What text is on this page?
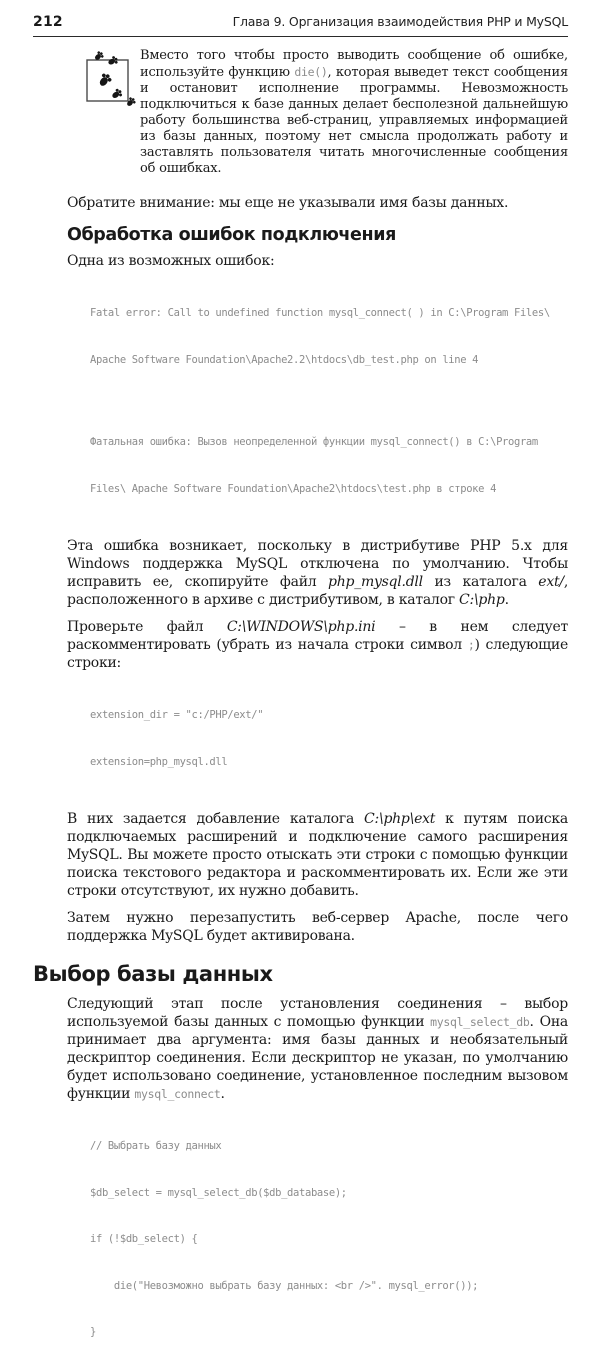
212	Глава 9. Организация взаимодействия PHP и MySQL
Вместо того чтобы просто выводить сообщение об ошибке, используйте функцию die(), которая выведет текст сообщения и остановит исполнение программы. Невозможность подключиться к базе данных делает бесполезной дальнейшую работу большинства веб-страниц, управляемых информацией из базы данных, поэтому нет смысла продолжать работу и заставлять пользователя читать многочисленные сообщения об ошибках.

Обратите внимание: мы еще не указывали имя базы данных.

Обработка ошибок подключения

Одна из возможных ошибок:

Fatal error: Call to undefined function mysql_connect( ) in C:\Program Files\

Apache Software Foundation\Apache2.2\htdocs\db_test.php on line 4

Фатальная ошибка: Вызов неопределенной функции mysql_connect() в C:\Program

Files\ Apache Software Foundation\Apache2\htdocs\test.php в строке 4

Эта ошибка возникает, поскольку в дистрибутиве PHP 5.x для Windows поддержка MySQL отключена по умолчанию. Чтобы исправить ее, скопируйте файл php_mysql.dll из каталога ext/, расположенного в архиве с дистрибутивом, в каталог C:\php.

Проверьте файл C:\WINDOWS\php.ini – в нем следует раскомментировать (убрать из начала строки символ ;) следующие строки:

extension_dir = "c:/PHP/ext/"

extension=php_mysql.dll

В них задается добавление каталога C:\php\ext к путям поиска подключаемых расширений и подключение самого расширения MySQL. Вы можете просто отыскать эти строки с помощью функции поиска текстового редактора и раскомментировать их. Если же эти строки отсутствуют, их нужно добавить.

Затем нужно перезапустить веб-сервер Apache, после чего поддержка MySQL будет активирована.

Выбор базы данных

Следующий этап после установления соединения – выбор используемой базы данных с помощью функции mysql_select_db. Она принимает два аргумента: имя базы данных и необязательный дескриптор соединения. Если дескриптор не указан, по умолчанию будет использовано соединение, установленное последним вызовом функции mysql_connect.

// Выбрать базу данных

$db_select = mysql_select_db($db_database);

if (!$db_select) {

die("Невозможно выбрать базу данных: <br />". mysql_error());

}
